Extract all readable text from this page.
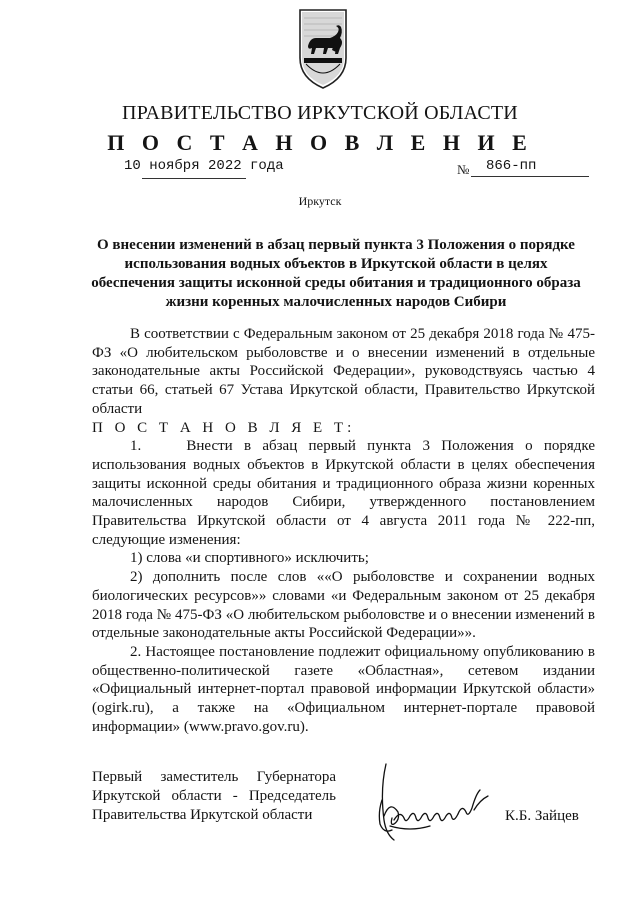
ПРАВИТЕЛЬСТВО ИРКУТСКОЙ ОБЛАСТИ
П О С Т А Н О В Л Е Н И Е
10 ноября 2022 года	№ 866-пп
Иркутск
О внесении изменений в абзац первый пункта 3 Положения о порядке
использования водных объектов в Иркутской области в целях
обеспечения защиты исконной среды обитания и традиционного образа
жизни коренных малочисленных народов Сибири

В соответствии с Федеральным законом от 25 декабря 2018 года № 475-ФЗ «О любительском рыболовстве и о внесении изменений в отдельные законодательные акты Российской Федерации», руководствуясь частью 4 статьи 66, статьей 67 Устава Иркутской области, Правительство Иркутской области

П О С Т А Н О В Л Я Е Т:

1.    Внести в абзац первый пункта 3 Положения о порядке использования водных объектов в Иркутской области в целях обеспечения защиты исконной среды обитания и традиционного образа жизни коренных малочисленных народов Сибири, утвержденного постановлением Правительства Иркутской области от 4 августа 2011 года № 222-пп, следующие изменения:

1) слова «и спортивного» исключить;

2) дополнить после слов ««О рыболовстве и сохранении водных биологических ресурсов»» словами «и Федеральным законом от 25 декабря 2018 года № 475-ФЗ «О любительском рыболовстве и о внесении изменений в отдельные законодательные акты Российской Федерации»».

2. Настоящее постановление подлежит официальному опубликованию в общественно-политической газете «Областная», сетевом издании «Официальный интернет-портал правовой информации Иркутской области» (ogirk.ru), а также на «Официальном интернет-портале правовой информации» (www.pravo.gov.ru).

Первый заместитель Губернатора
Иркутской области - Председатель
Правительства Иркутской области	К.Б. Зайцев
